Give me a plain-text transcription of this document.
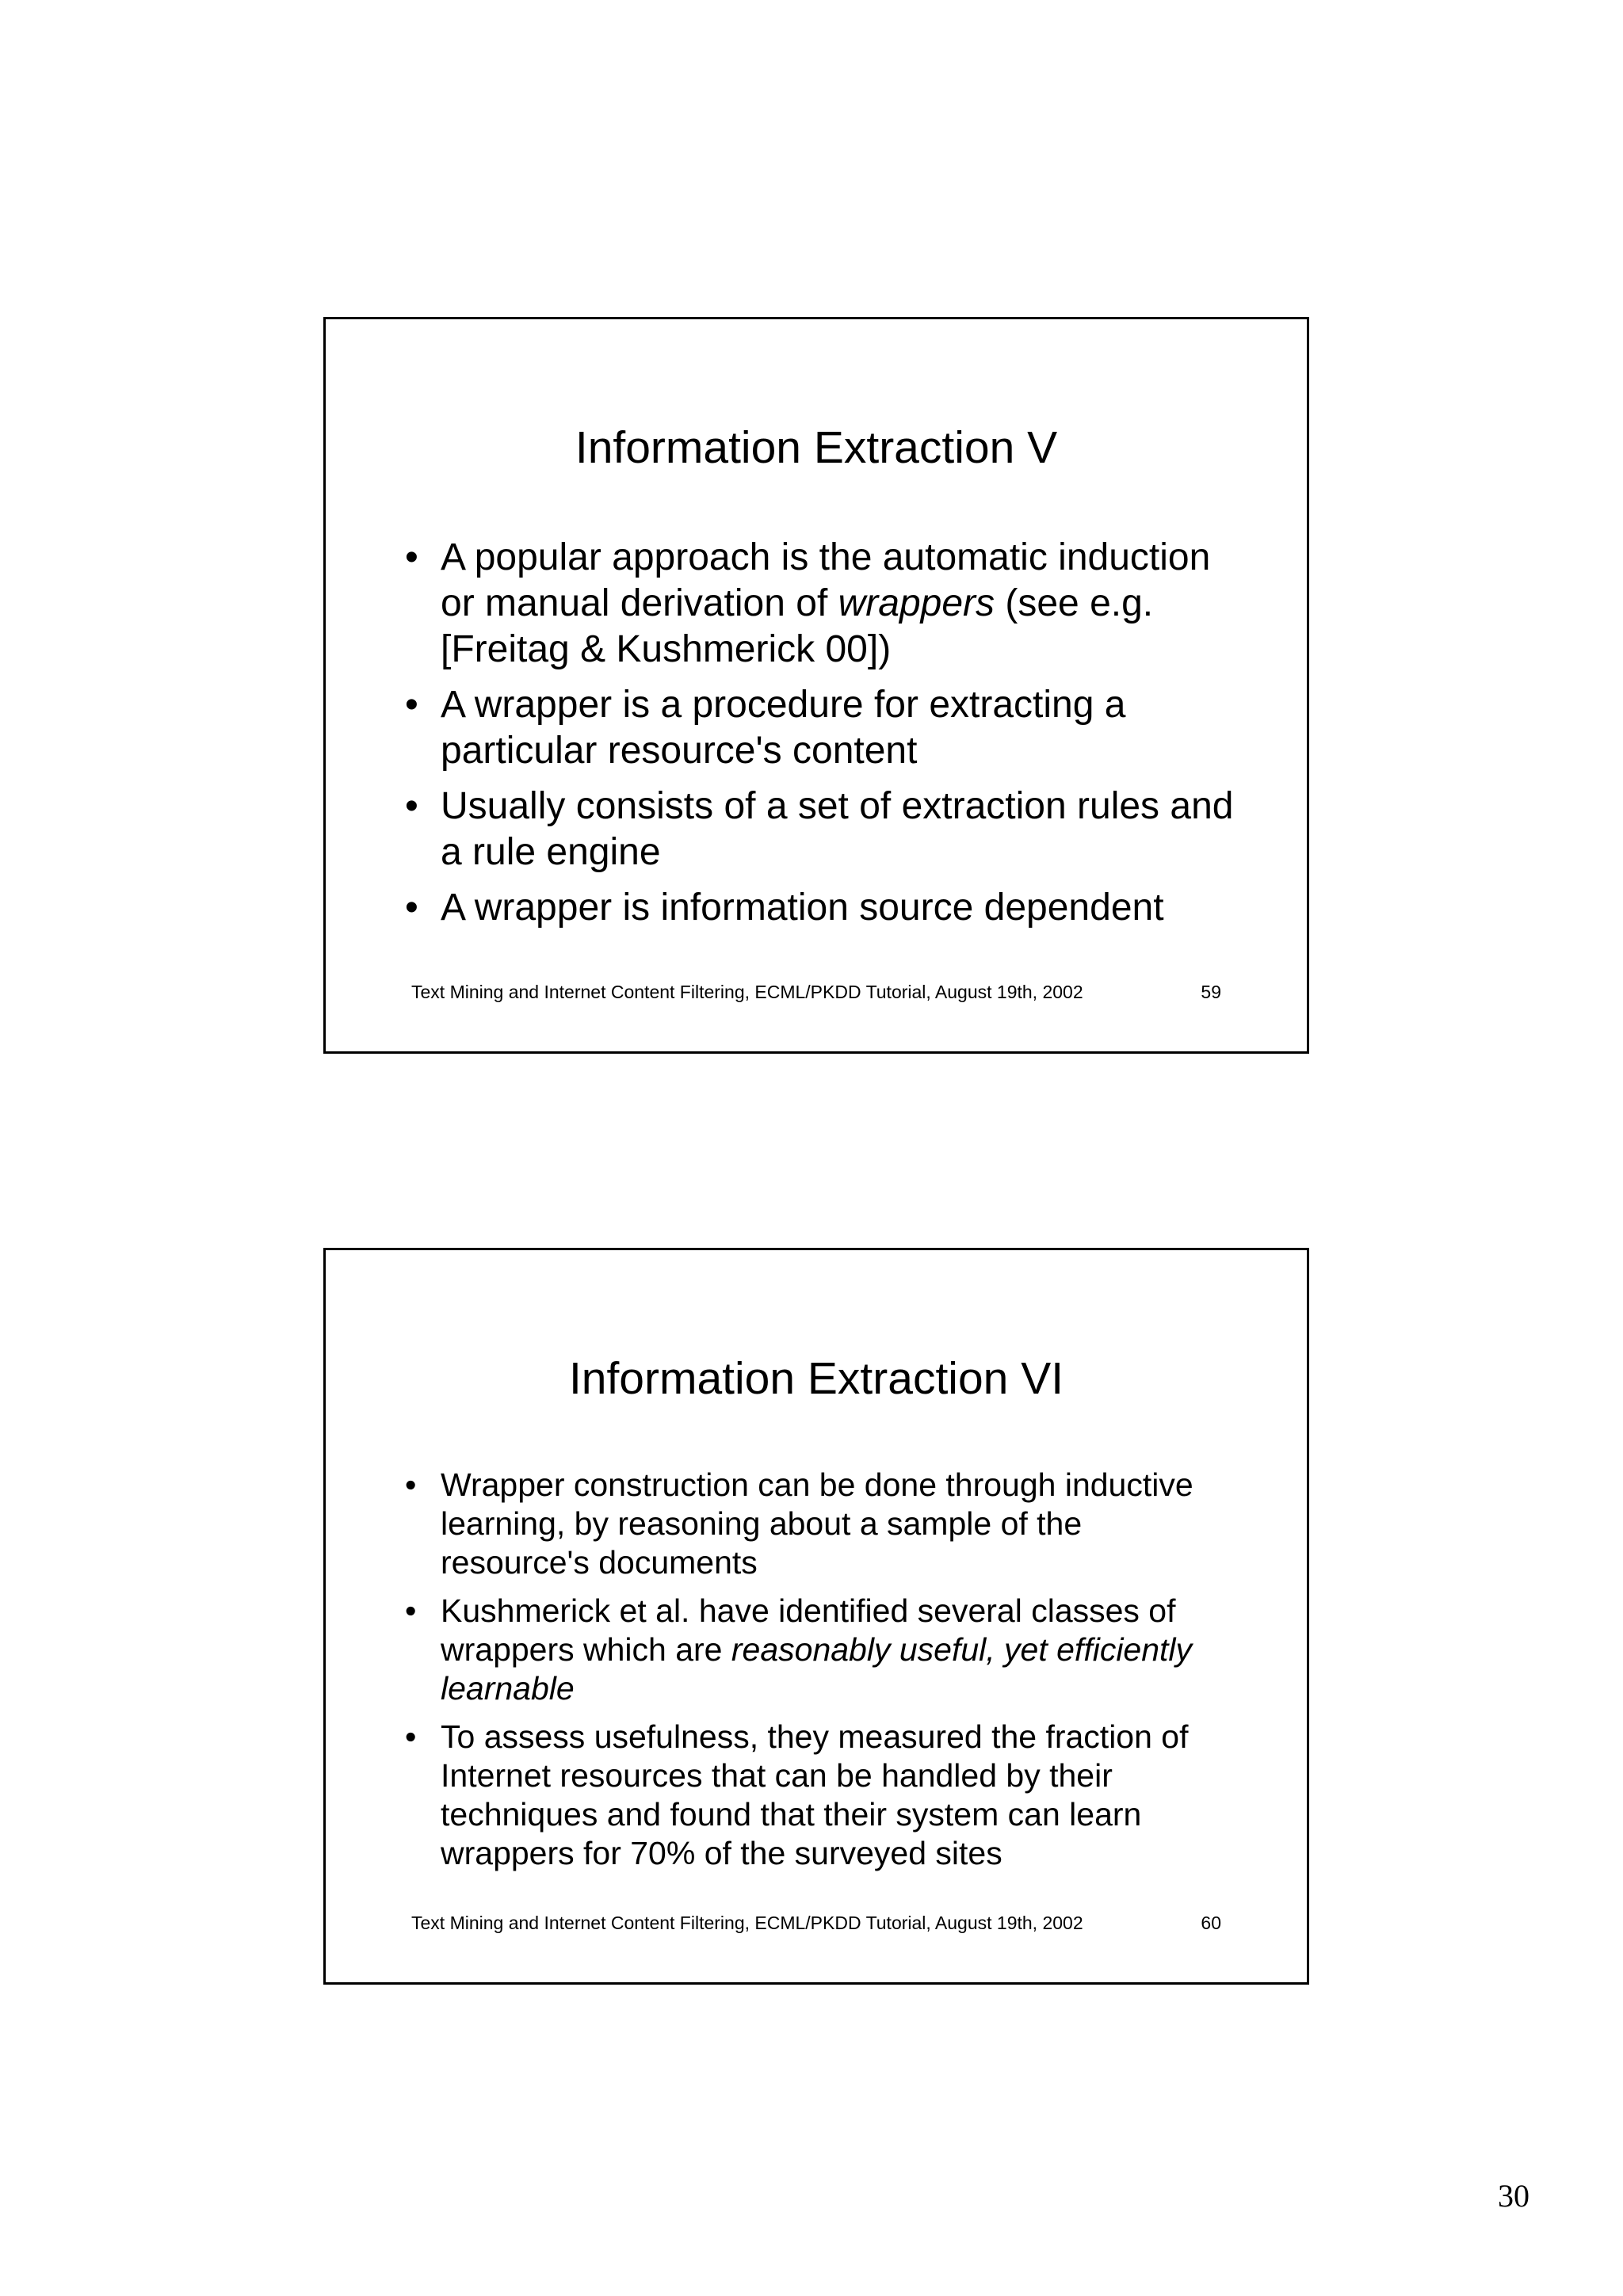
Information Extraction V
• A popular approach is the automatic induction or manual derivation of wrappers (see e.g. [Freitag & Kushmerick 00])
• A wrapper is a procedure for extracting a particular resource's content
• Usually consists of a set of extraction rules and a rule engine
• A wrapper is information source dependent
Text Mining and Internet Content Filtering, ECML/PKDD Tutorial, August 19th, 2002	59
Information Extraction VI
• Wrapper construction can be done through inductive learning, by reasoning about a sample of the resource's documents
• Kushmerick et al. have identified several classes of wrappers which are reasonably useful, yet efficiently learnable
• To assess usefulness, they measured the fraction of Internet resources that can be handled by their techniques and found that their system can learn wrappers for 70% of the surveyed sites
Text Mining and Internet Content Filtering, ECML/PKDD Tutorial, August 19th, 2002	60
30
